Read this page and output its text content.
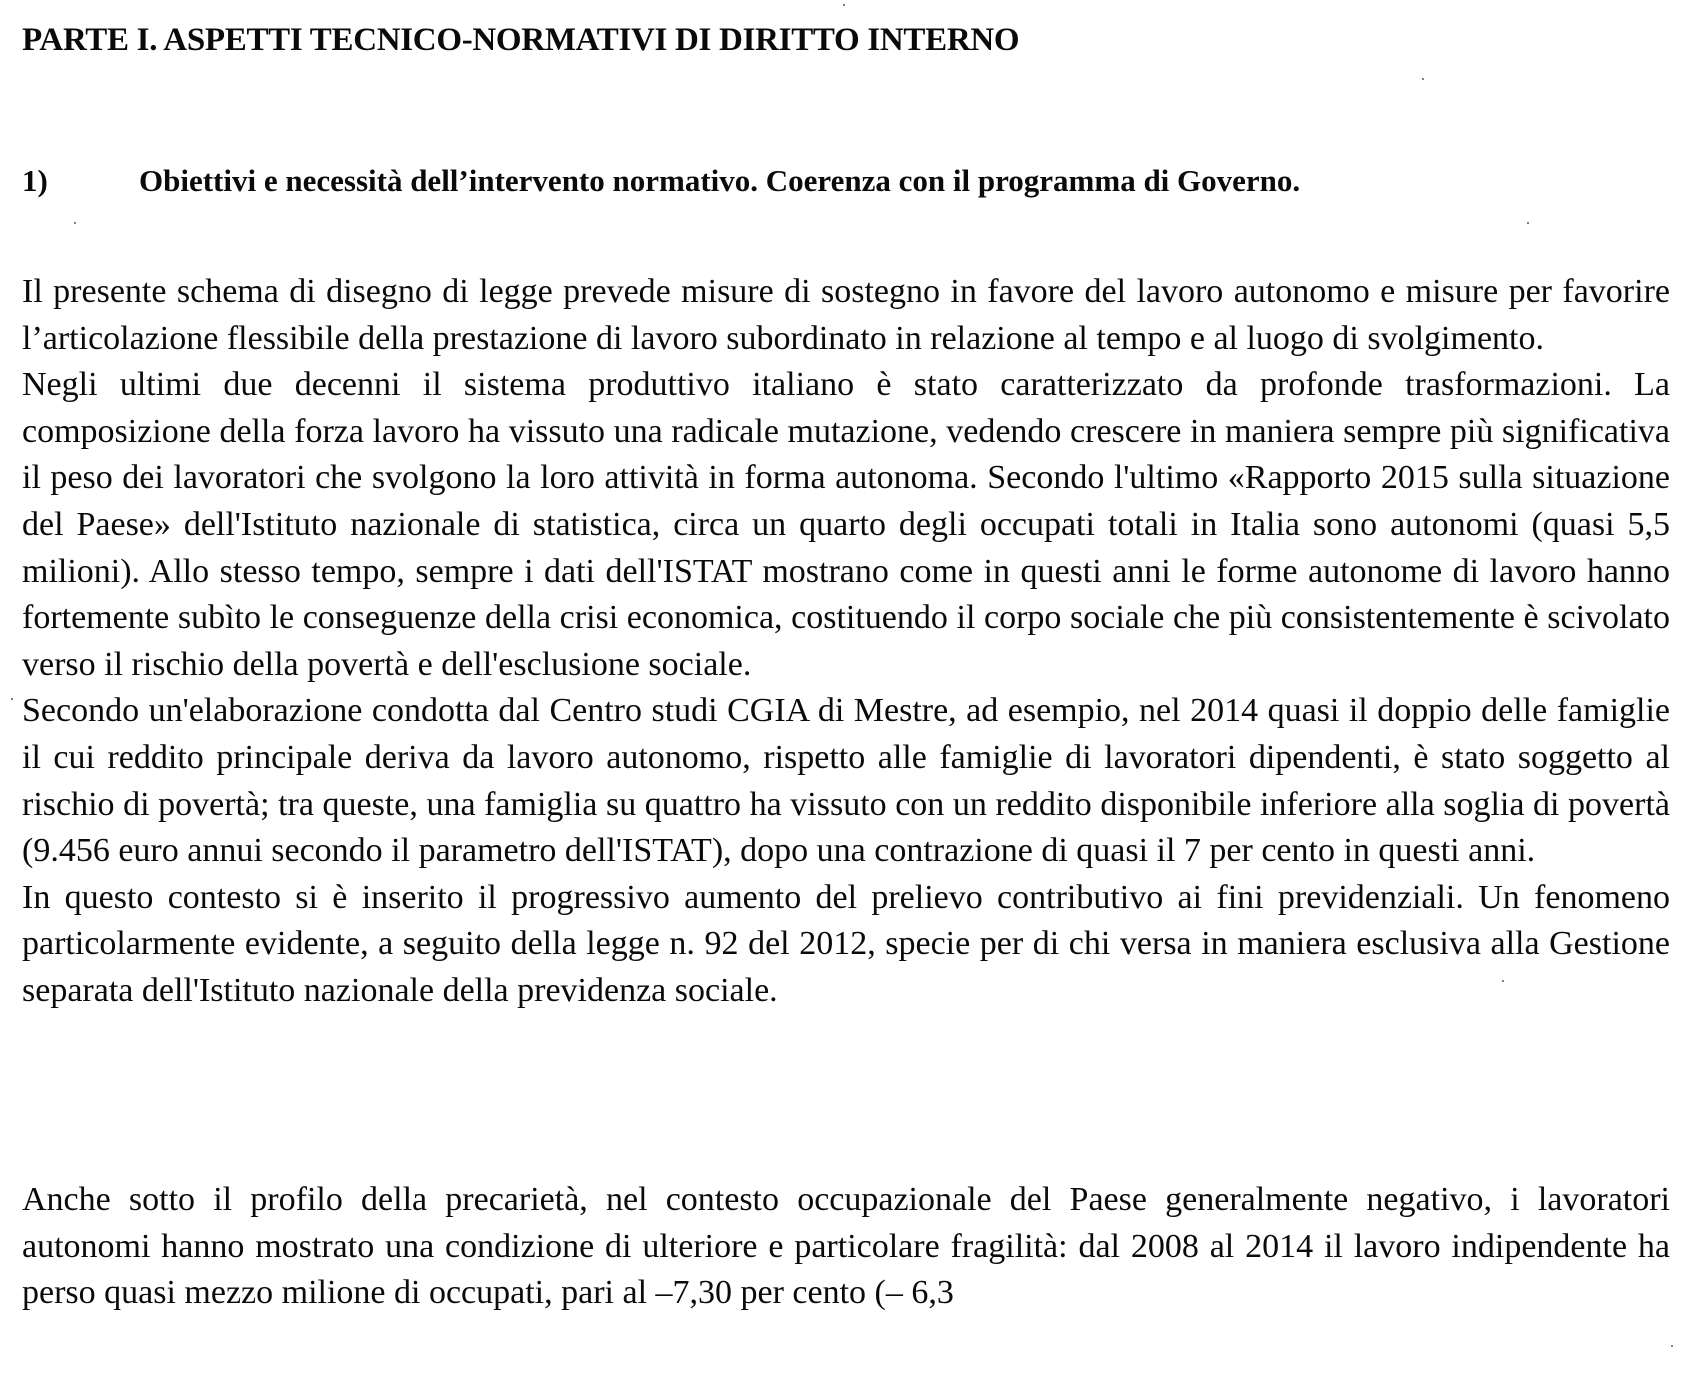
PARTE I. ASPETTI TECNICO-NORMATIVI DI DIRITTO INTERNO
1)	Obiettivi e necessità dell’intervento normativo. Coerenza con il programma di Governo.

Il presente schema di disegno di legge prevede misure di sostegno in favore del lavoro autonomo e misure per favorire l’articolazione flessibile della prestazione di lavoro subordinato in relazione al tempo e al luogo di svolgimento.

Negli ultimi due decenni il sistema produttivo italiano è stato caratterizzato da profonde trasformazioni. La composizione della forza lavoro ha vissuto una radicale mutazione, vedendo crescere in maniera sempre più significativa il peso dei lavoratori che svolgono la loro attività in forma autonoma. Secondo l'ultimo «Rapporto 2015 sulla situazione del Paese» dell'Istituto nazionale di statistica, circa un quarto degli occupati totali in Italia sono autonomi (quasi 5,5 milioni). Allo stesso tempo, sempre i dati dell'ISTAT mostrano come in questi anni le forme autonome di lavoro hanno fortemente subìto le conseguenze della crisi economica, costituendo il corpo sociale che più consistentemente è scivolato verso il rischio della povertà e dell'esclusione sociale.

Secondo un'elaborazione condotta dal Centro studi CGIA di Mestre, ad esempio, nel 2014 quasi il doppio delle famiglie il cui reddito principale deriva da lavoro autonomo, rispetto alle famiglie di lavoratori dipendenti, è stato soggetto al rischio di povertà; tra queste, una famiglia su quattro ha vissuto con un reddito disponibile inferiore alla soglia di povertà (9.456 euro annui secondo il parametro dell'ISTAT), dopo una contrazione di quasi il 7 per cento in questi anni.

In questo contesto si è inserito il progressivo aumento del prelievo contributivo ai fini previdenziali. Un fenomeno particolarmente evidente, a seguito della legge n. 92 del 2012, specie per di chi versa in maniera esclusiva alla Gestione separata dell'Istituto nazionale della previdenza sociale.

Anche sotto il profilo della precarietà, nel contesto occupazionale del Paese generalmente negativo, i lavoratori autonomi hanno mostrato una condizione di ulteriore e particolare fragilità: dal 2008 al 2014 il lavoro indipendente ha perso quasi mezzo milione di occupati, pari al –7,30 per cento (– 6,3
